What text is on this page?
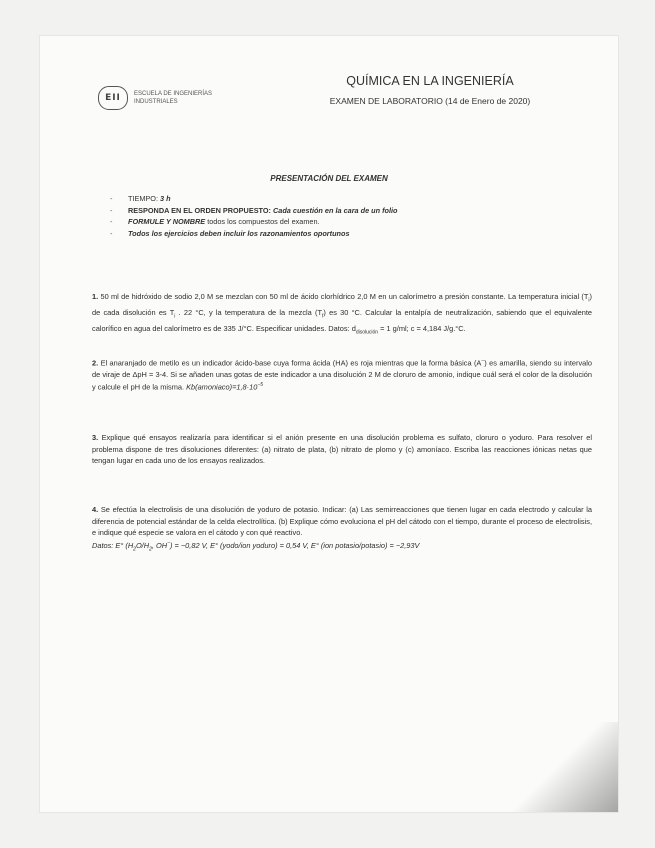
EII	ESCUELA DE INGENIERÍAS
INDUSTRIALES
QUÍMICA EN LA INGENIERÍA
EXAMEN DE LABORATORIO (14 de Enero de 2020)
PRESENTACIÓN DEL EXAMEN
- TIEMPO: 3 h
- RESPONDA EN EL ORDEN PROPUESTO: Cada cuestión en la cara de un folio
- FORMULE Y NOMBRE todos los compuestos del examen.
- Todos los ejercicios deben incluir los razonamientos oportunos
1. 50 ml de hidróxido de sodio 2,0 M se mezclan con 50 ml de ácido clorhídrico 2,0 M en un calorímetro a presión constante. La temperatura inicial $(T_i)$ de cada disolución es $T_i$ . 22 °C, y la temperatura de la mezcla $(T_f)$ es 30 °C. Calcular la entalpía de neutralización, sabiendo que el equivalente calorífico en agua del calorímetro es de 335 J/°C. Especificar unidades. Datos: $d_{disolución} = 1$ g/ml; c = 4,184 J/g.°C.
2. El anaranjado de metilo es un indicador ácido-base cuya forma ácida (HA) es roja mientras que la forma básica (A−) es amarilla, siendo su intervalo de viraje de ΔpH = 3-4. Si se añaden unas gotas de este indicador a una disolución 2 M de cloruro de amonio, indique cuál será el color de la disolución y calcule el pH de la misma. $Kb(amoniaco)=1,8\cdot 10^{-5}$
3. Explique qué ensayos realizaría para identificar si el anión presente en una disolución problema es sulfato, cloruro o yoduro. Para resolver el problema dispone de tres disoluciones diferentes: (a) nitrato de plata, (b) nitrato de plomo y (c) amoníaco. Escriba las reacciones iónicas netas que tengan lugar en cada uno de los ensayos realizados.
4. Se efectúa la electrolisis de una disolución de yoduro de potasio. Indicar: (a) Las semirreacciones que tienen lugar en cada electrodo y calcular la diferencia de potencial estándar de la celda electrolítica. (b) Explique cómo evoluciona el pH del cátodo con el tiempo, durante el proceso de electrolisis, e indique qué especie se valora en el cátodo y con qué reactivo.
Datos: E° ($H_2O/H_2$, OH−) = −0,82 V, E° (yodo/ion yoduro) = 0,54 V, E° (ion potasio/potasio) = −2,93V
